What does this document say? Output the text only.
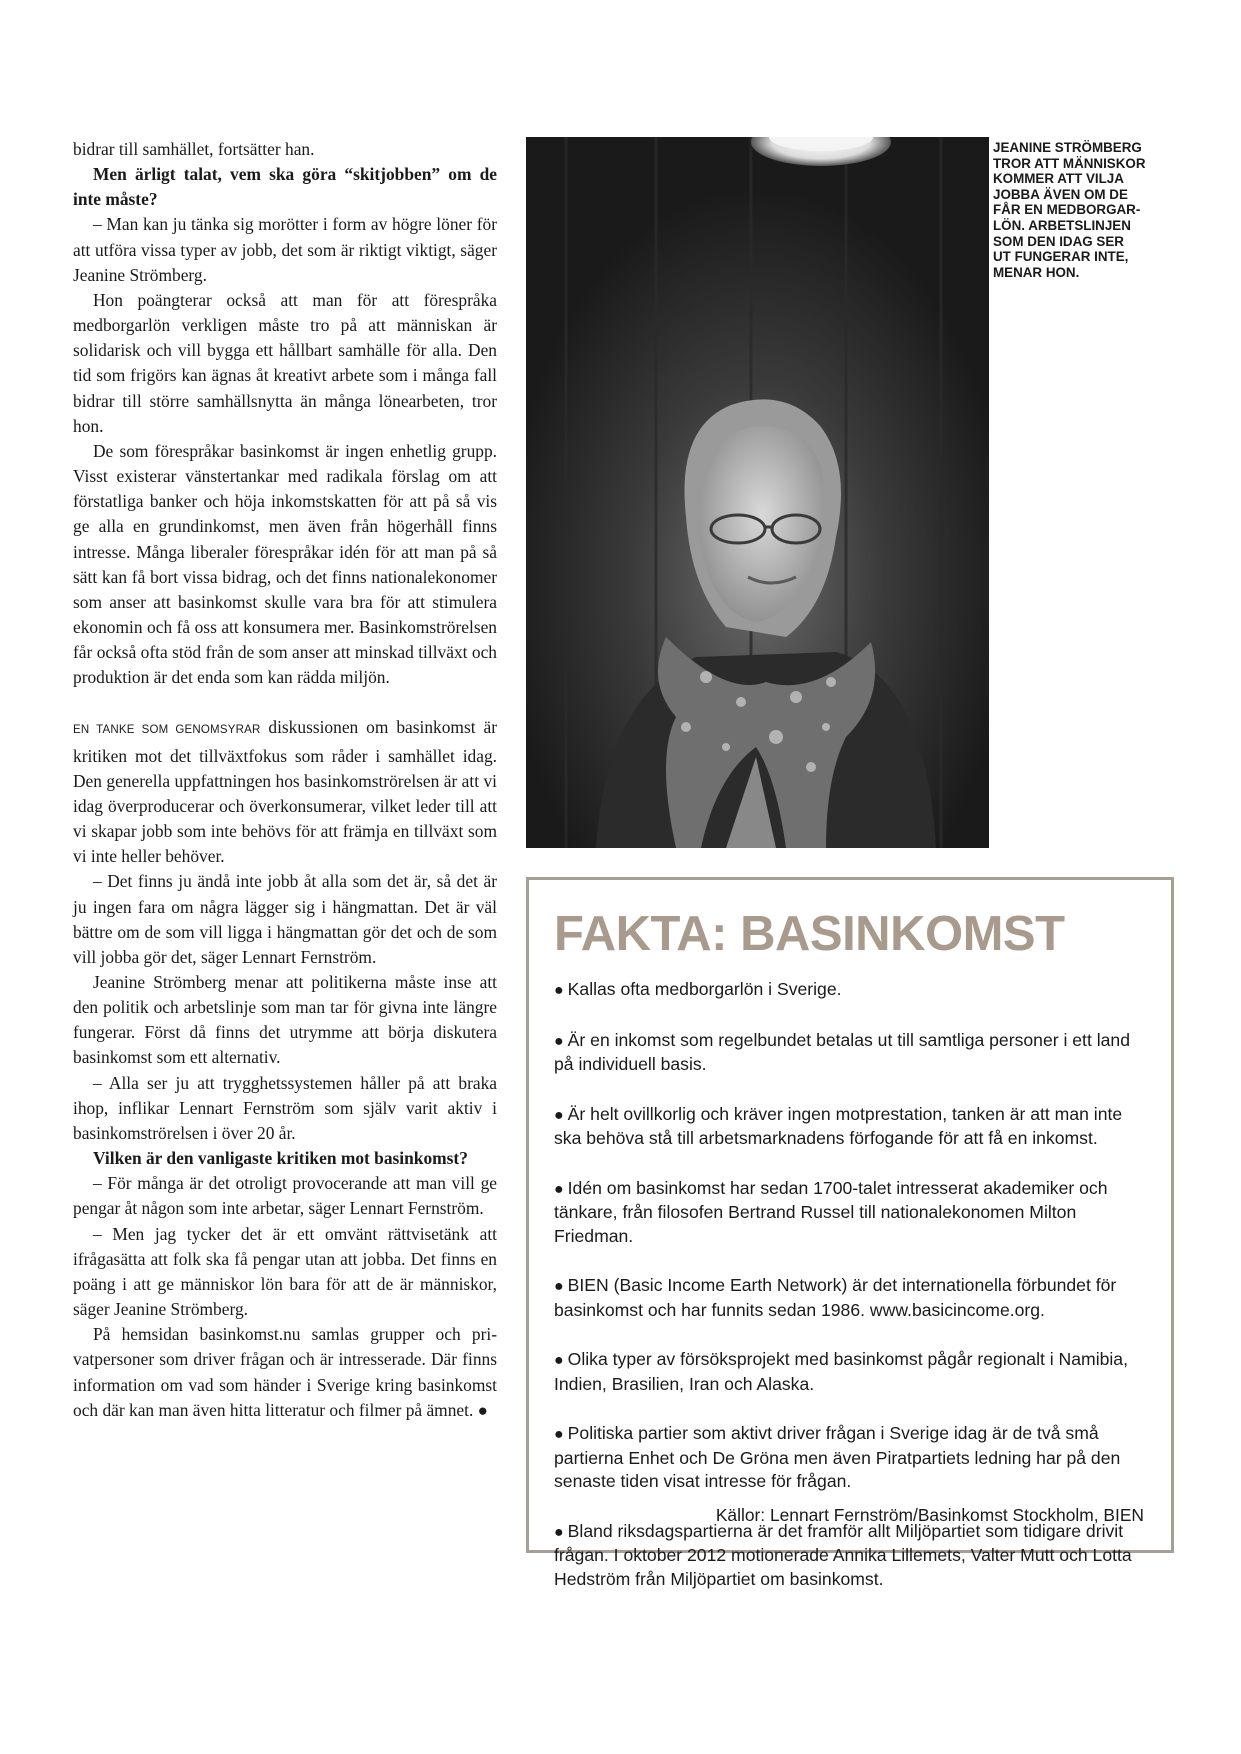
bidrar till samhället, fortsätter han.

Men ärligt talat, vem ska göra “skitjobben” om de inte måste?

– Man kan ju tänka sig morötter i form av högre löner för att utföra vissa typer av jobb, det som är riktigt viktigt, säger Jeanine Strömberg.

Hon poängterar också att man för att förespråka medborgarlön verkligen måste tro på att människan är solidarisk och vill bygga ett hållbart samhälle för alla. Den tid som frigörs kan ägnas åt kreativt arbete som i många fall bidrar till större samhällsnytta än många lönearbeten, tror hon.

De som förespråkar basinkomst är ingen enhetlig grupp. Visst existerar vänstertankar med radikala förslag om att förstatliga banker och höja inkomstskatten för att på så vis ge alla en grundinkomst, men även från högerhåll finns intresse. Många liberaler förespråkar idén för att man på så sätt kan få bort vissa bidrag, och det finns nationalekonomer som anser att basinkomst skulle vara bra för att stimulera ekonomin och få oss att konsumera mer. Basinkomströrelsen får också ofta stöd från de som anser att minskad tillväxt och produktion är det enda som kan rädda miljön.

EN TANKE SOM GENOMSYRAR diskussionen om basinkomst är kritiken mot det tillväxtfokus som råder i samhället idag. Den generella uppfattningen hos basinkomströrelsen är att vi idag överproducerar och överkonsumerar, vilket leder till att vi skapar jobb som inte behövs för att främja en tillväxt som vi inte heller behöver.

– Det finns ju ändå inte jobb åt alla som det är, så det är ju ingen fara om några lägger sig i hängmattan. Det är väl bättre om de som vill ligga i hängmattan gör det och de som vill jobba gör det, säger Lennart Fernström.

Jeanine Strömberg menar att politikerna måste inse att den politik och arbetslinje som man tar för givna inte längre fungerar. Först då finns det utrymme att börja diskutera basinkomst som ett alternativ.

– Alla ser ju att trygghetssystemen håller på att braka ihop, inflikar Lennart Fernström som själv varit aktiv i basinkomströrelsen i över 20 år.

Vilken är den vanligaste kritiken mot basinkomst?

– För många är det otroligt provocerande att man vill ge pengar åt någon som inte arbetar, säger Lennart Fernström.

– Men jag tycker det är ett omvänt rättvisetänk att ifrågasätta att folk ska få pengar utan att jobba. Det finns en poäng i att ge människor lön bara för att de är människor, säger Jeanine Strömberg.

På hemsidan basinkomst.nu samlas grupper och privatpersoner som driver frågan och är intresserade. Där finns information om vad som händer i Sverige kring basinkomst och där kan man även hitta litteratur och filmer på ämnet. ●

JEANINE STRÖMBERG
TROR ATT MÄNNISKOR
KOMMER ATT VILJA
JOBBA ÄVEN OM DE
FÅR EN MEDBORGAR-
LÖN. ARBETSLINJEN
SOM DEN IDAG SER
UT FUNGERAR INTE,
MENAR HON.
FAKTA: BASINKOMST
● Kallas ofta medborgarlön i Sverige.
● Är en inkomst som regelbundet betalas ut till samtliga personer i ett land på individuell basis.
● Är helt ovillkorlig och kräver ingen motprestation, tanken är att man inte ska behöva stå till arbetsmarknadens förfogande för att få en inkomst.
● Idén om basinkomst har sedan 1700-talet intresserat akademiker och tänkare, från filosofen Bertrand Russel till nationalekonomen Milton Friedman.
● BIEN (Basic Income Earth Network) är det internationella förbundet för basinkomst och har funnits sedan 1986. www.basicincome.org.
● Olika typer av försöksprojekt med basinkomst pågår regionalt i Namibia, Indien, Brasilien, Iran och Alaska.
● Politiska partier som aktivt driver frågan i Sverige idag är de två små partierna Enhet och De Gröna men även Piratpartiets ledning har på den senaste tiden visat intresse för frågan.
● Bland riksdagspartierna är det framför allt Miljöpartiet som tidigare drivit frågan. I oktober 2012 motionerade Annika Lillemets, Valter Mutt och Lotta Hedström från Miljöpartiet om basinkomst.
Källor: Lennart Fernström/Basinkomst Stockholm, BIEN
